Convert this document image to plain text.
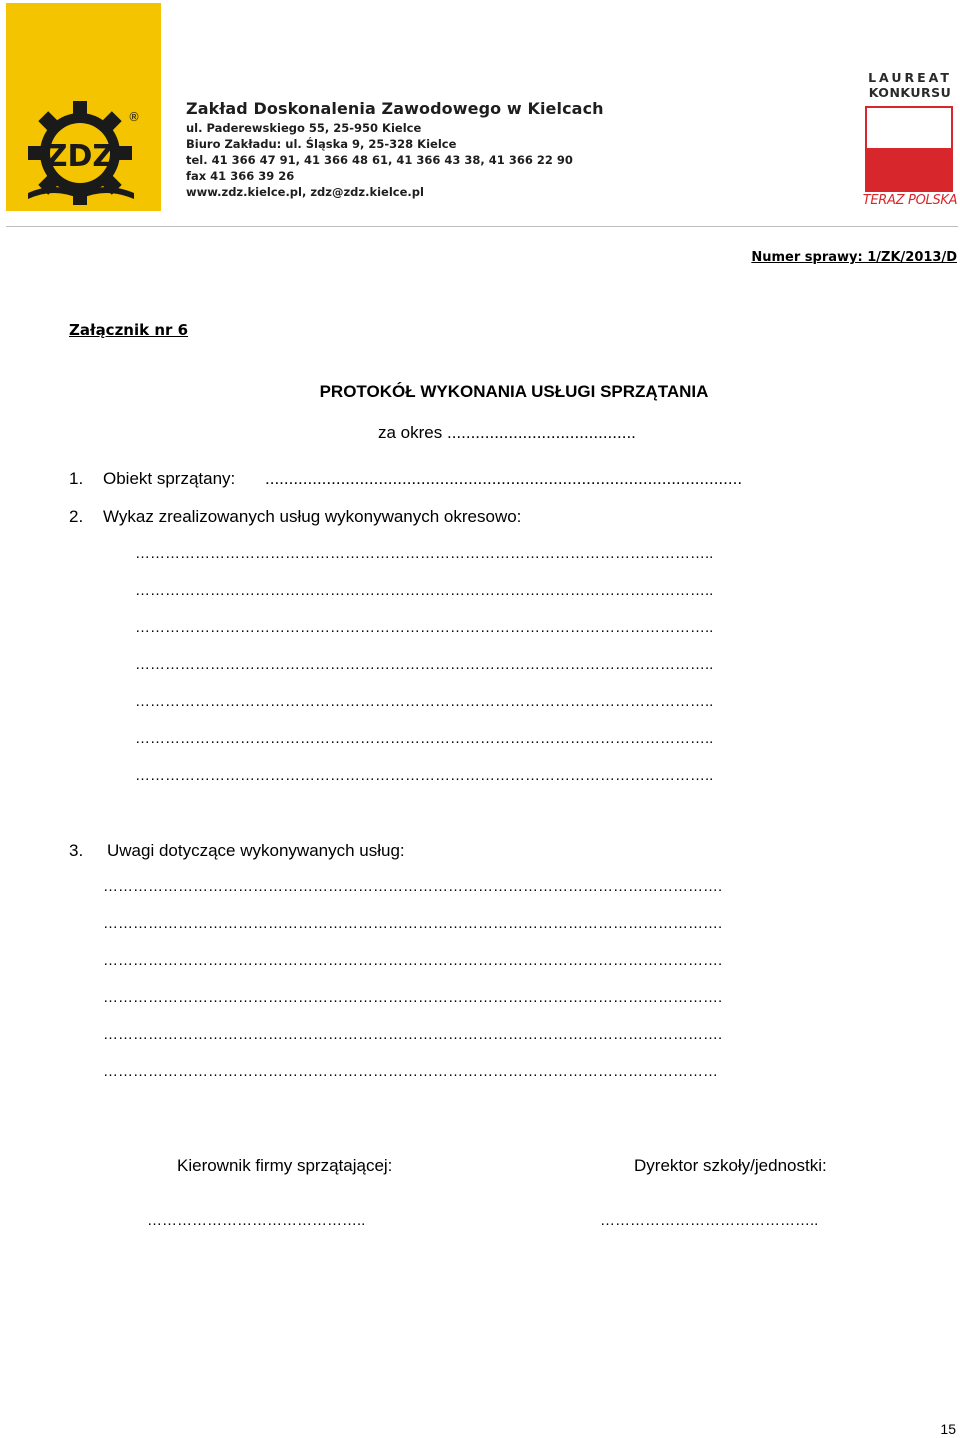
ZDZ
®	Zakład Doskonalenia Zawodowego w Kielcach
ul. Paderewskiego 55, 25-950 Kielce
Biuro Zakładu: ul. Śląska 9, 25-328 Kielce
tel. 41 366 47 91, 41 366 48 61, 41 366 43 38, 41 366 22 90
fax 41 366 39 26
www.zdz.kielce.pl, zdz@zdz.kielce.pl
LAUREAT
KONKURSU
TERAZ POLSKA
Numer sprawy: 1/ZK/2013/D
Załącznik nr 6
PROTOKÓŁ WYKONANIA USŁUGI SPRZĄTANIA
za okres ........................................
1. Obiekt sprzątany: .....................................................................................................
2. Wykaz zrealizowanych usług wykonywanych okresowo:
……………………………………………………………………………………………………..
……………………………………………………………………………………………………..
……………………………………………………………………………………………………..
……………………………………………………………………………………………………..
……………………………………………………………………………………………………..
……………………………………………………………………………………………………..
……………………………………………………………………………………………………..
3. Uwagi dotyczące wykonywanych usług:
…………………………………………………………………………………………………………….
…………………………………………………………………………………………………………….
…………………………………………………………………………………………………………….
…………………………………………………………………………………………………………….
…………………………………………………………………………………………………………….
……………………………………………………………………………………………………………
Kierownik firmy sprzątającej:
……………………………………..
Dyrektor szkoły/jednostki:
……………………………………..
15
